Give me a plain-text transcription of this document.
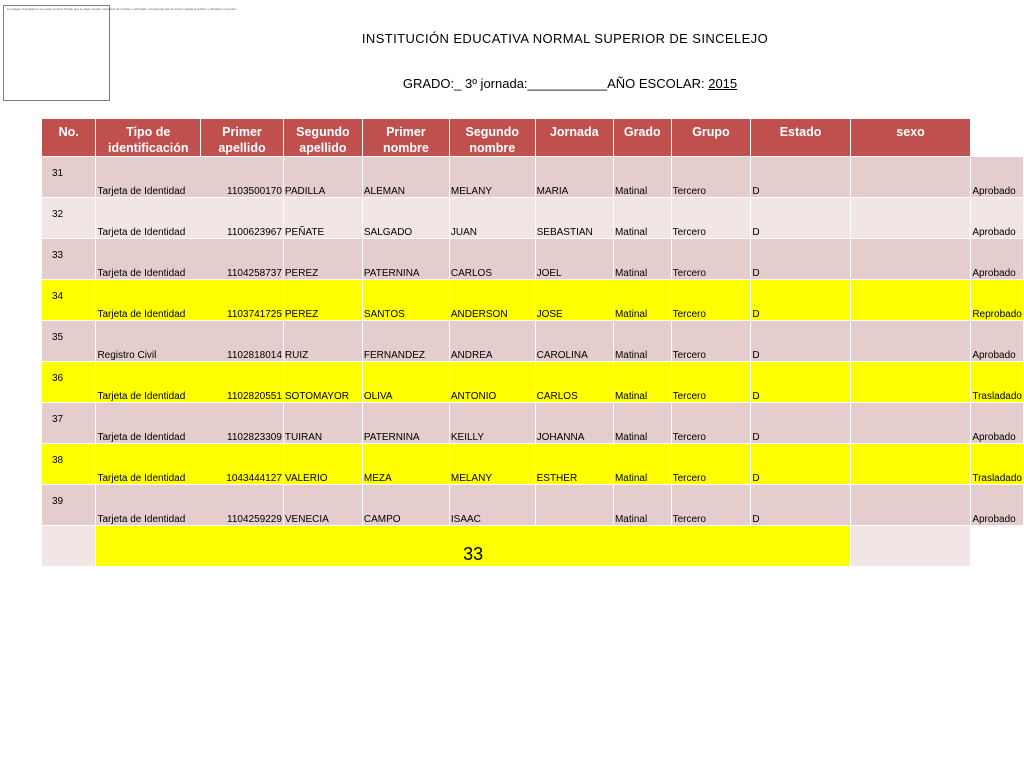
La imagen vinculada no se puede mostrar. Puede que se haya movido, cambiado de nombre o eliminado. Compruebe que el vínculo señala al archivo y ubicación correctos.
INSTITUCIÓN EDUCATIVA NORMAL SUPERIOR DE SINCELEJO
GRADO:_ 3º jornada:___________AÑO ESCOLAR: 2015
No.	Tipo de identificación	Primer apellido	Segundo apellido	Primer nombre	Segundo nombre	Jornada	Grado	Grupo	Estado	sexo	
31	Tarjeta de Identidad 1103500170		PADILLA	ALEMAN	MELANY	MARIA	Matinal	Tercero	D		Aprobado
32	Tarjeta de Identidad 1100623967		PEÑATE	SALGADO	JUAN	SEBASTIAN	Matinal	Tercero	D		Aprobado
33	Tarjeta de Identidad 1104258737		PEREZ	PATERNINA	CARLOS	JOEL	Matinal	Tercero	D		Aprobado
34	Tarjeta de Identidad 1103741725		PEREZ	SANTOS	ANDERSON	JOSE	Matinal	Tercero	D		Reprobado
35	Registro Civil 1102818014		RUIZ	FERNANDEZ	ANDREA	CAROLINA	Matinal	Tercero	D		Aprobado
36	Tarjeta de Identidad 1102820551		SOTOMAYOR	OLIVA	ANTONIO	CARLOS	Matinal	Tercero	D		Trasladado
37	Tarjeta de Identidad 1102823309		TUIRAN	PATERNINA	KEILLY	JOHANNA	Matinal	Tercero	D		Aprobado
38	Tarjeta de Identidad 1043444127		VALERIO	MEZA	MELANY	ESTHER	Matinal	Tercero	D		Trasladado
39	Tarjeta de Identidad 1104259229		VENECIA	CAMPO	ISAAC		Matinal	Tercero	D		Aprobado
	33										
